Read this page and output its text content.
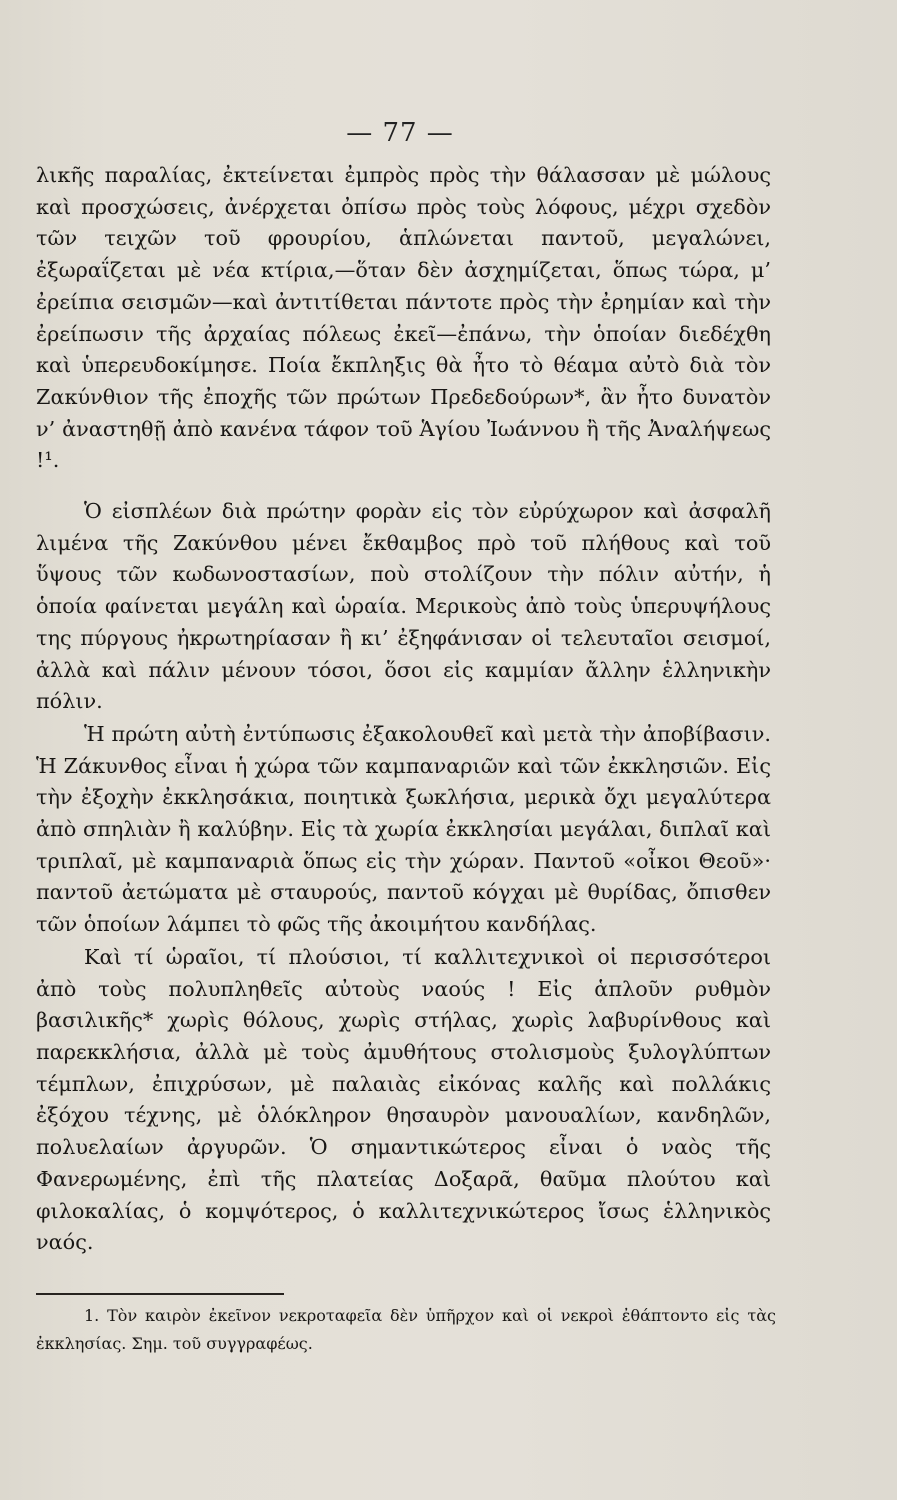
— 77 —

λικῆς παραλίας, ἐκτείνεται ἐμπρὸς πρὸς τὴν θάλασσαν μὲ μώλους καὶ προσχώσεις, ἀνέρχεται ὀπίσω πρὸς τοὺς λόφους, μέχρι σχεδὸν τῶν τειχῶν τοῦ φρουρίου, ἁπλώνεται παντοῦ, μεγαλώνει, ἐξωραΐζεται μὲ νέα κτίρια,—ὅταν δὲν ἀσχημίζεται, ὅπως τώρα, μ’ ἐρείπια σεισμῶν—καὶ ἀντιτίθεται πάντοτε πρὸς τὴν ἐρημίαν καὶ τὴν ἐρείπωσιν τῆς ἀρχαίας πόλεως ἐκεῖ—ἐπάνω, τὴν ὁποίαν διεδέχθη καὶ ὑπερευδοκίμησε. Ποία ἔκπληξις θὰ ἦτο τὸ θέαμα αὐτὸ διὰ τὸν Ζακύνθιον τῆς ἐποχῆς τῶν πρώτων Πρεδεδούρων*, ἂν ἦτο δυνατὸν ν’ ἀναστηθῇ ἀπὸ κανένα τάφον τοῦ Ἁγίου Ἰωάννου ἢ τῆς Ἀναλήψεως !¹.

Ὁ εἰσπλέων διὰ πρώτην φορὰν εἰς τὸν εὐρύχωρον καὶ ἀσφαλῆ λιμένα τῆς Ζακύνθου μένει ἔκθαμβος πρὸ τοῦ πλήθους καὶ τοῦ ὕψους τῶν κωδωνοστασίων, ποὺ στολίζουν τὴν πόλιν αὐτήν, ἡ ὁποία φαίνεται μεγάλη καὶ ὡραία. Μερικοὺς ἀπὸ τοὺς ὑπερυψήλους της πύργους ἠκρωτηρίασαν ἢ κι’ ἐξηφάνισαν οἱ τελευταῖοι σεισμοί, ἀλλὰ καὶ πάλιν μένουν τόσοι, ὅσοι εἰς καμμίαν ἄλλην ἑλληνικὴν πόλιν.

Ἡ πρώτη αὐτὴ ἐντύπωσις ἐξακολουθεῖ καὶ μετὰ τὴν ἀποβίβασιν. Ἡ Ζάκυνθος εἶναι ἡ χώρα τῶν καμπαναριῶν καὶ τῶν ἐκκλησιῶν. Εἰς τὴν ἐξοχὴν ἐκκλησάκια, ποιητικὰ ξωκλήσια, μερικὰ ὄχι μεγαλύτερα ἀπὸ σπηλιὰν ἢ καλύβην. Εἰς τὰ χωρία ἐκκλησίαι μεγάλαι, διπλαῖ καὶ τριπλαῖ, μὲ καμπαναριὰ ὅπως εἰς τὴν χώραν. Παντοῦ «οἶκοι Θεοῦ»· παντοῦ ἀετώματα μὲ σταυρούς, παντοῦ κόγχαι μὲ θυρίδας, ὄπισθεν τῶν ὁποίων λάμπει τὸ φῶς τῆς ἀκοιμήτου κανδήλας.

Καὶ τί ὡραῖοι, τί πλούσιοι, τί καλλιτεχνικοὶ οἱ περισσότεροι ἀπὸ τοὺς πολυπληθεῖς αὐτοὺς ναούς ! Εἰς ἁπλοῦν ρυθμὸν βασιλικῆς* χωρὶς θόλους, χωρὶς στήλας, χωρὶς λαβυρίνθους καὶ παρεκκλήσια, ἀλλὰ μὲ τοὺς ἀμυθήτους στολισμοὺς ξυλογλύπτων τέμπλων, ἐπιχρύσων, μὲ παλαιὰς εἰκόνας καλῆς καὶ πολλάκις ἐξόχου τέχνης, μὲ ὁλόκληρον θησαυρὸν μανουαλίων, κανδηλῶν, πολυελαίων ἀργυρῶν. Ὁ σημαντικώτερος εἶναι ὁ ναὸς τῆς Φανερωμένης, ἐπὶ τῆς πλατείας Δοξαρᾶ, θαῦμα πλούτου καὶ φιλοκαλίας, ὁ κομψότερος, ὁ καλλιτεχνικώτερος ἴσως ἑλληνικὸς ναός.

1. Τὸν καιρὸν ἐκεῖνον νεκροταφεῖα δὲν ὑπῆρχον καὶ οἱ νεκροὶ ἐθάπτοντο εἰς τὰς ἐκκλησίας. Σημ. τοῦ συγγραφέως.
